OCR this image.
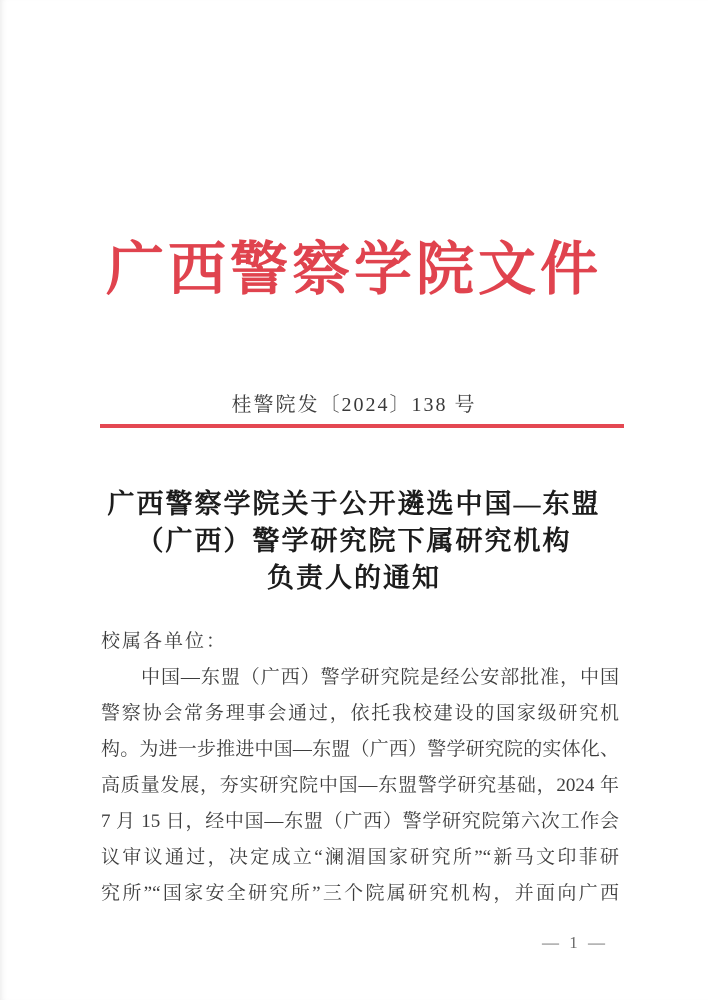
广西警察学院文件
桂警院发〔2024〕138 号
广西警察学院关于公开遴选中国—东盟
（广西）警学研究院下属研究机构
负责人的通知
校属各单位：
中国—东盟（广西）警学研究院是经公安部批准，中国
警察协会常务理事会通过，依托我校建设的国家级研究机
构。为进一步推进中国—东盟（广西）警学研究院的实体化、
高质量发展，夯实研究院中国—东盟警学研究基础，2024 年
7 月 15 日，经中国—东盟（广西）警学研究院第六次工作会
议审议通过，决定成立“澜湄国家研究所”“新马文印菲研
究所”“国家安全研究所”三个院属研究机构，并面向广西
— 1 —
